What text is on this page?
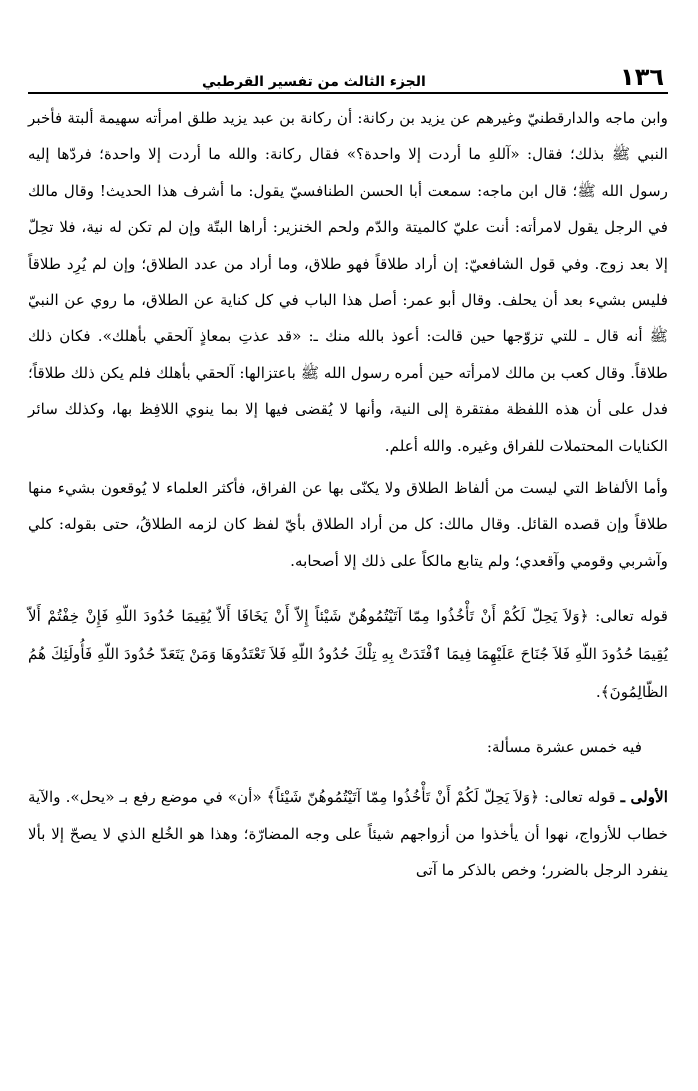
١٣٦
الجزء الثالث من تفسير القرطبي
وابن ماجه والدارقطنيّ وغيرهم عن يزيد بن ركانة: أن ركانة بن عبد يزيد طلق امرأته سهيمة ألبتة فأخبر النبي ﷺ بذلك؛ فقال: «آللهِ ما أردت إلا واحدة؟» فقال ركانة: والله ما أردت إلا واحدة؛ فردّها إليه رسول الله ﷺ؛ قال ابن ماجه: سمعت أبا الحسن الطنافسيّ يقول: ما أشرف هذا الحديث! وقال مالك في الرجل يقول لامرأته: أنت عليّ كالميتة والدّم ولحم الخنزير: أراها البتّة وإن لم تكن له نية، فلا تحِلّ إلا بعد زوج. وفي قول الشافعيّ: إن أراد طلاقاً فهو طلاق، وما أراد من عدد الطلاق؛ وإن لم يُرِد طلاقاً فليس بشيء بعد أن يحلف. وقال أبو عمر: أصل هذا الباب في كل كناية عن الطلاق، ما روي عن النبيّ ﷺ أنه قال ـ للتي تزوّجها حين قالت: أعوذ بالله منك ـ: «قد عذتِ بمعاذٍ آلحقي بأهلك». فكان ذلك طلاقاً. وقال كعب بن مالك لامرأته حين أمره رسول الله ﷺ باعتزالها: آلحقي بأهلك فلم يكن ذلك طلاقاً؛ فدل على أن هذه اللفظة مفتقرة إلى النية، وأنها لا يُقضى فيها إلا بما ينوي اللافِظ بها، وكذلك سائر الكنايات المحتملات للفراق وغيره. والله أعلم.
وأما الألفاظ التي ليست من ألفاظ الطلاق ولا يكنّى بها عن الفراق، فأكثر العلماء لا يُوقعون بشيء منها طلاقاً وإن قصده القائل. وقال مالك: كل من أراد الطلاق بأيّ لفظ كان لزمه الطلاقُ، حتى بقوله: كلي وآشربي وقومي وآقعدي؛ ولم يتابع مالكاً على ذلك إلا أصحابه.
قوله تعالى: ﴿وَلاَ يَحِلّ لَكُمْ أَنْ تَأْخُذُوا مِمّا آتَيْتُمُوهُنّ شَيْئاً إِلاّ أَنْ يَخَافَا أَلاّ يُقِيمَا حُدُودَ اللّهِ فَإِنْ خِفْتُمْ أَلاّ يُقِيمَا حُدُودَ اللّهِ فَلاَ جُنَاحَ عَلَيْهِمَا فِيمَا ٱفْتَدَتْ بِهِ تِلْكَ حُدُودُ اللّهِ فَلاَ تَعْتَدُوهَا وَمَنْ يَتَعَدّ حُدُودَ اللّهِ فَأُولَئِكَ هُمُ الظّالِمُونَ﴾.
فيه خمس عشرة مسألة:
الأولى ـ قوله تعالى: ﴿وَلاَ يَحِلّ لَكُمْ أَنْ تَأْخُذُوا مِمّا آتَيْتُمُوهُنّ شَيْئاً﴾ «أن» في موضع رفع بـ «يحل». والآية خطاب للأزواج، نهوا أن يأخذوا من أزواجهم شيئاً على وجه المضارّة؛ وهذا هو الخُلع الذي لا يصحّ إلا بألا ينفرد الرجل بالضرر؛ وخص بالذكر ما آتى
